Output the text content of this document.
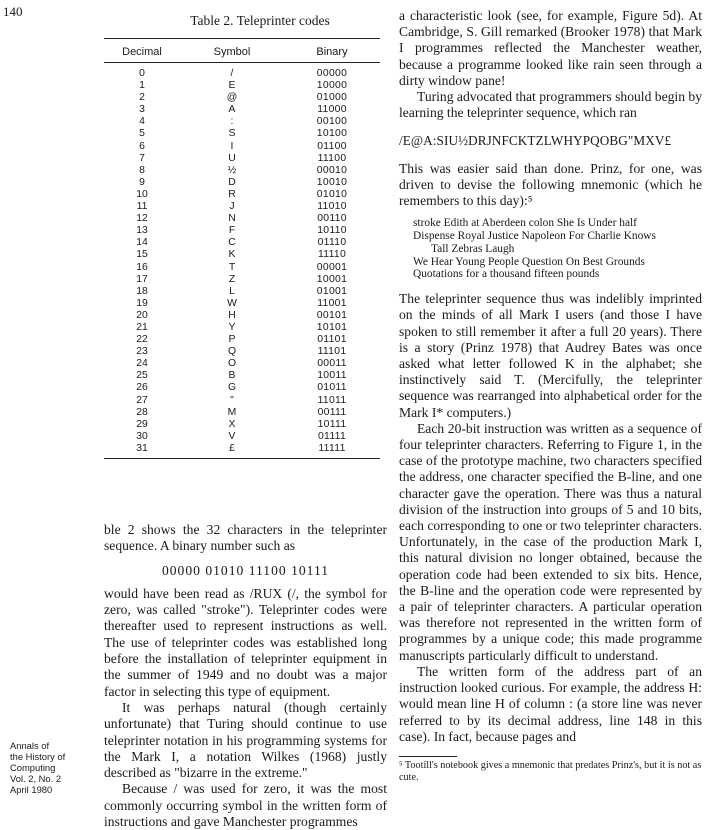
140
Table 2. Teleprinter codes
Decimal	Symbol	Binary
0	/	00000
1	E	10000
2	@	01000
3	A	11000
4	:	00100
5	S	10100
6	I	01100
7	U	11100
8	½	00010
9	D	10010
10	R	01010
11	J	11010
12	N	00110
13	F	10110
14	C	01110
15	K	11110
16	T	00001
17	Z	10001
18	L	01001
19	W	11001
20	H	00101
21	Y	10101
22	P	01101
23	Q	11101
24	O	00011
25	B	10011
26	G	01011
27	"	11011
28	M	00111
29	X	10111
30	V	01111
31	£	11111

ble 2 shows the 32 characters in the teleprinter sequence. A binary number such as

00000 01010 11100 10111

would have been read as /RUX (/, the symbol for zero, was called "stroke"). Teleprinter codes were thereafter used to represent instructions as well. The use of teleprinter codes was established long before the installation of teleprinter equipment in the summer of 1949 and no doubt was a major factor in selecting this type of equipment.

It was perhaps natural (though certainly unfortunate) that Turing should continue to use teleprinter notation in his programming systems for the Mark I, a notation Wilkes (1968) justly described as "bizarre in the extreme."

Because / was used for zero, it was the most commonly occurring symbol in the written form of instructions and gave Manchester programmes

Annals of
the History of
Computing
Vol. 2, No. 2
April 1980

a characteristic look (see, for example, Figure 5d). At Cambridge, S. Gill remarked (Brooker 1978) that Mark I programmes reflected the Manchester weather, because a programme looked like rain seen through a dirty window pane!

Turing advocated that programmers should begin by learning the teleprinter sequence, which ran

/E@A:SIU½DRJNFCKTZLWHYPQOBG"MXV£

This was easier said than done. Prinz, for one, was driven to devise the following mnemonic (which he remembers to this day):⁵

stroke Edith at Aberdeen colon She Is Under half
Dispense Royal Justice Napoleon For Charlie Knows
Tall Zebras Laugh
We Hear Young People Question On Best Grounds
Quotations for a thousand fifteen pounds

The teleprinter sequence thus was indelibly imprinted on the minds of all Mark I users (and those I have spoken to still remember it after a full 20 years). There is a story (Prinz 1978) that Audrey Bates was once asked what letter followed K in the alphabet; she instinctively said T. (Mercifully, the teleprinter sequence was rearranged into alphabetical order for the Mark I* computers.)

Each 20-bit instruction was written as a sequence of four teleprinter characters. Referring to Figure 1, in the case of the prototype machine, two characters specified the address, one character specified the B-line, and one character gave the operation. There was thus a natural division of the instruction into groups of 5 and 10 bits, each corresponding to one or two teleprinter characters. Unfortunately, in the case of the production Mark I, this natural division no longer obtained, because the operation code had been extended to six bits. Hence, the B-line and the operation code were represented by a pair of teleprinter characters. A particular operation was therefore not represented in the written form of programmes by a unique code; this made programme manuscripts particularly difficult to understand.

The written form of the address part of an instruction looked curious. For example, the address H: would mean line H of column : (a store line was never referred to by its decimal address, line 148 in this case). In fact, because pages and

⁵ Tootill's notebook gives a mnemonic that predates Prinz's, but it is not as cute.
